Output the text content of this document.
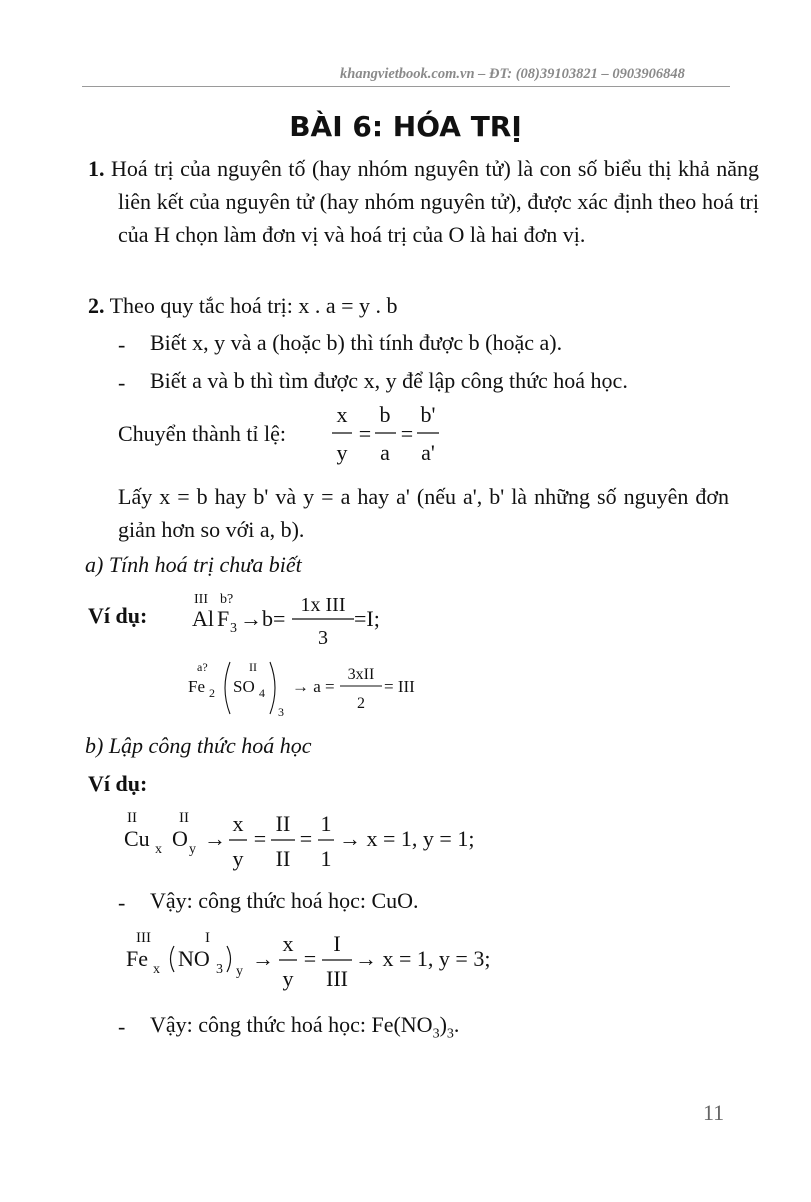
khangvietbook.com.vn – ĐT: (08)39103821 – 0903906848
BÀI 6: HÓA TRỊ
1. Hoá trị của nguyên tố (hay nhóm nguyên tử) là con số biểu thị khả năng liên kết của nguyên tử (hay nhóm nguyên tử), được xác định theo hoá trị của H chọn làm đơn vị và hoá trị của O là hai đơn vị.
2. Theo quy tắc hoá trị: x . a = y . b
- Biết x, y và a (hoặc b) thì tính được b (hoặc a).
- Biết a và b thì tìm được x, y để lập công thức hoá học.
Chuyển thành tỉ lệ:
x
y
=
b
a
=
b'
a'
Lấy x = b hay b' và y = a hay a' (nếu a', b' là những số nguyên đơn giản hơn so với a, b).
a) Tính hoá trị chưa biết
Ví dụ:
III b?
Al F 3 →b=
1x III
3
=I;
a?	II
Fe 2 SO 4
3
→ a =
3xII
2
= III
b) Lập công thức hoá học
Ví dụ:
II	II
Cu x O y →
x
y
=
II
II
=
1
1
→ x = 1, y = 1;
- Vậy: công thức hoá học: CuO.
III	I
Fe x NO 3 y
→
x
y
=
I
III
→ x = 1, y = 3;
- Vậy: công thức hoá học: $Fe(NO_3)_3$.
11
